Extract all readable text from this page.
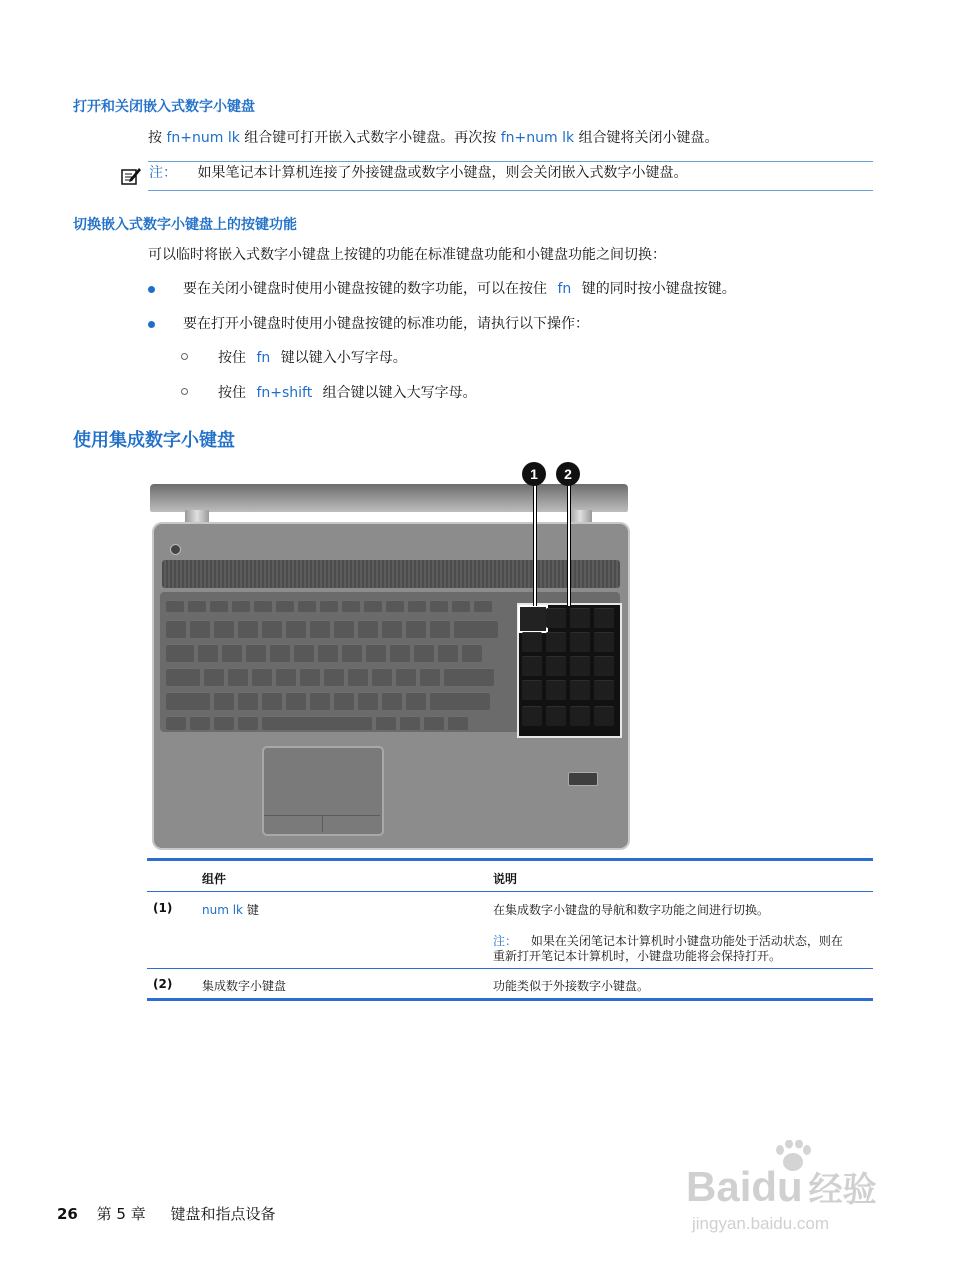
打开和关闭嵌入式数字小键盘
按 fn+num lk 组合键可打开嵌入式数字小键盘。再次按 fn+num lk 组合键将关闭小键盘。
注： 如果笔记本计算机连接了外接键盘或数字小键盘，则会关闭嵌入式数字小键盘。
切换嵌入式数字小键盘上的按键功能
可以临时将嵌入式数字小键盘上按键的功能在标准键盘功能和小键盘功能之间切换：
要在关闭小键盘时使用小键盘按键的数字功能，可以在按住 fn 键的同时按小键盘按键。
要在打开小键盘时使用小键盘按键的标准功能，请执行以下操作：
按住 fn 键以键入小写字母。
按住 fn+shift 组合键以键入大写字母。
使用集成数字小键盘
1	2
组件	说明
(1) num lk 键	在集成数字小键盘的导航和数字功能之间进行切换。
注： 如果在关闭笔记本计算机时小键盘功能处于活动状态，则在
重新打开笔记本计算机时，小键盘功能将会保持打开。
(2) 集成数字小键盘	功能类似于外接数字小键盘。
26 第 5 章 键盘和指点设备
Baidu 经验
jingyan.baidu.com
